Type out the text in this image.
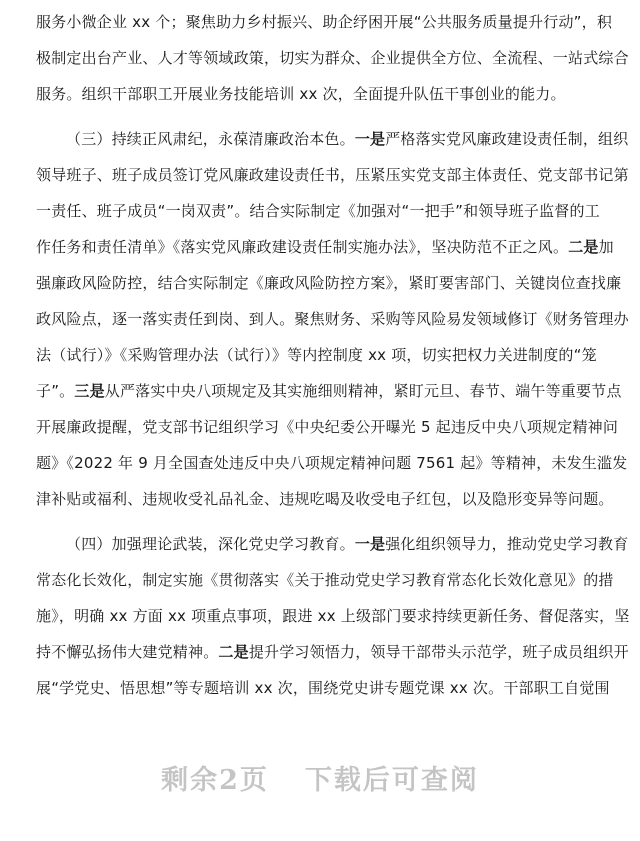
服务小微企业 xx 个；聚焦助力乡村振兴、助企纾困开展“公共服务质量提升行动”，积
极制定出台产业、人才等领域政策，切实为群众、企业提供全方位、全流程、一站式综合
服务。组织干部职工开展业务技能培训 xx 次，全面提升队伍干事创业的能力。
（三）持续正风肃纪，永葆清廉政治本色。一是严格落实党风廉政建设责任制，组织
领导班子、班子成员签订党风廉政建设责任书，压紧压实党支部主体责任、党支部书记第
一责任、班子成员“一岗双责”。结合实际制定《加强对“一把手”和领导班子监督的工
作任务和责任清单》《落实党风廉政建设责任制实施办法》，坚决防范不正之风。二是加
强廉政风险防控，结合实际制定《廉政风险防控方案》，紧盯要害部门、关键岗位查找廉
政风险点，逐一落实责任到岗、到人。聚焦财务、采购等风险易发领域修订《财务管理办
法（试行）》《采购管理办法（试行）》等内控制度 xx 项，切实把权力关进制度的“笼
子”。三是从严落实中央八项规定及其实施细则精神，紧盯元旦、春节、端午等重要节点
开展廉政提醒，党支部书记组织学习《中央纪委公开曝光 5 起违反中央八项规定精神问
题》《2022 年 9 月全国查处违反中央八项规定精神问题 7561 起》等精神，未发生滥发
津补贴或福利、违规收受礼品礼金、违规吃喝及收受电子红包，以及隐形变异等问题。
（四）加强理论武装，深化党史学习教育。一是强化组织领导力，推动党史学习教育
常态化长效化，制定实施《贯彻落实《关于推动党史学习教育常态化长效化意见》的措
施》，明确 xx 方面 xx 项重点事项，跟进 xx 上级部门要求持续更新任务、督促落实，坚
持不懈弘扬伟大建党精神。二是提升学习领悟力，领导干部带头示范学，班子成员组织开
展“学党史、悟思想”等专题培训 xx 次，围绕党史讲专题党课 xx 次。干部职工自觉围
剩余2页 下载后可查阅
